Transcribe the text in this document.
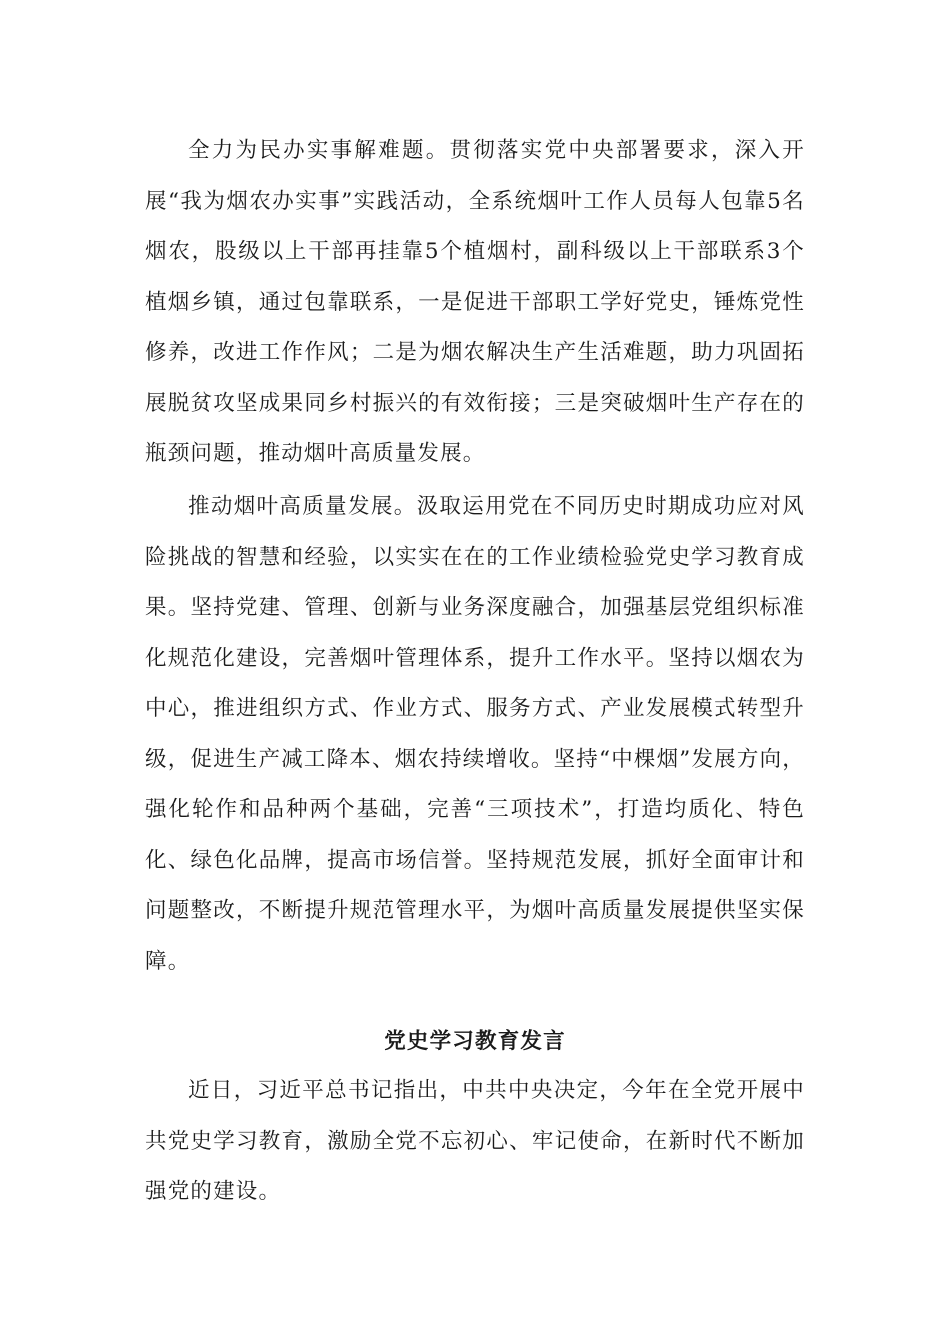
全力为民办实事解难题。贯彻落实党中央部署要求，深入开展“我为烟农办实事”实践活动，全系统烟叶工作人员每人包靠5名烟农，股级以上干部再挂靠5个植烟村，副科级以上干部联系3个植烟乡镇，通过包靠联系，一是促进干部职工学好党史，锤炼党性修养，改进工作作风；二是为烟农解决生产生活难题，助力巩固拓展脱贫攻坚成果同乡村振兴的有效衔接；三是突破烟叶生产存在的瓶颈问题，推动烟叶高质量发展。

推动烟叶高质量发展。汲取运用党在不同历史时期成功应对风险挑战的智慧和经验，以实实在在的工作业绩检验党史学习教育成果。坚持党建、管理、创新与业务深度融合，加强基层党组织标准化规范化建设，完善烟叶管理体系，提升工作水平。坚持以烟农为中心，推进组织方式、作业方式、服务方式、产业发展模式转型升级，促进生产减工降本、烟农持续增收。坚持“中棵烟”发展方向，强化轮作和品种两个基础，完善“三项技术”，打造均质化、特色化、绿色化品牌，提高市场信誉。坚持规范发展，抓好全面审计和问题整改，不断提升规范管理水平，为烟叶高质量发展提供坚实保障。

党史学习教育发言

近日，习近平总书记指出，中共中央决定，今年在全党开展中共党史学习教育，激励全党不忘初心、牢记使命，在新时代不断加强党的建设。
